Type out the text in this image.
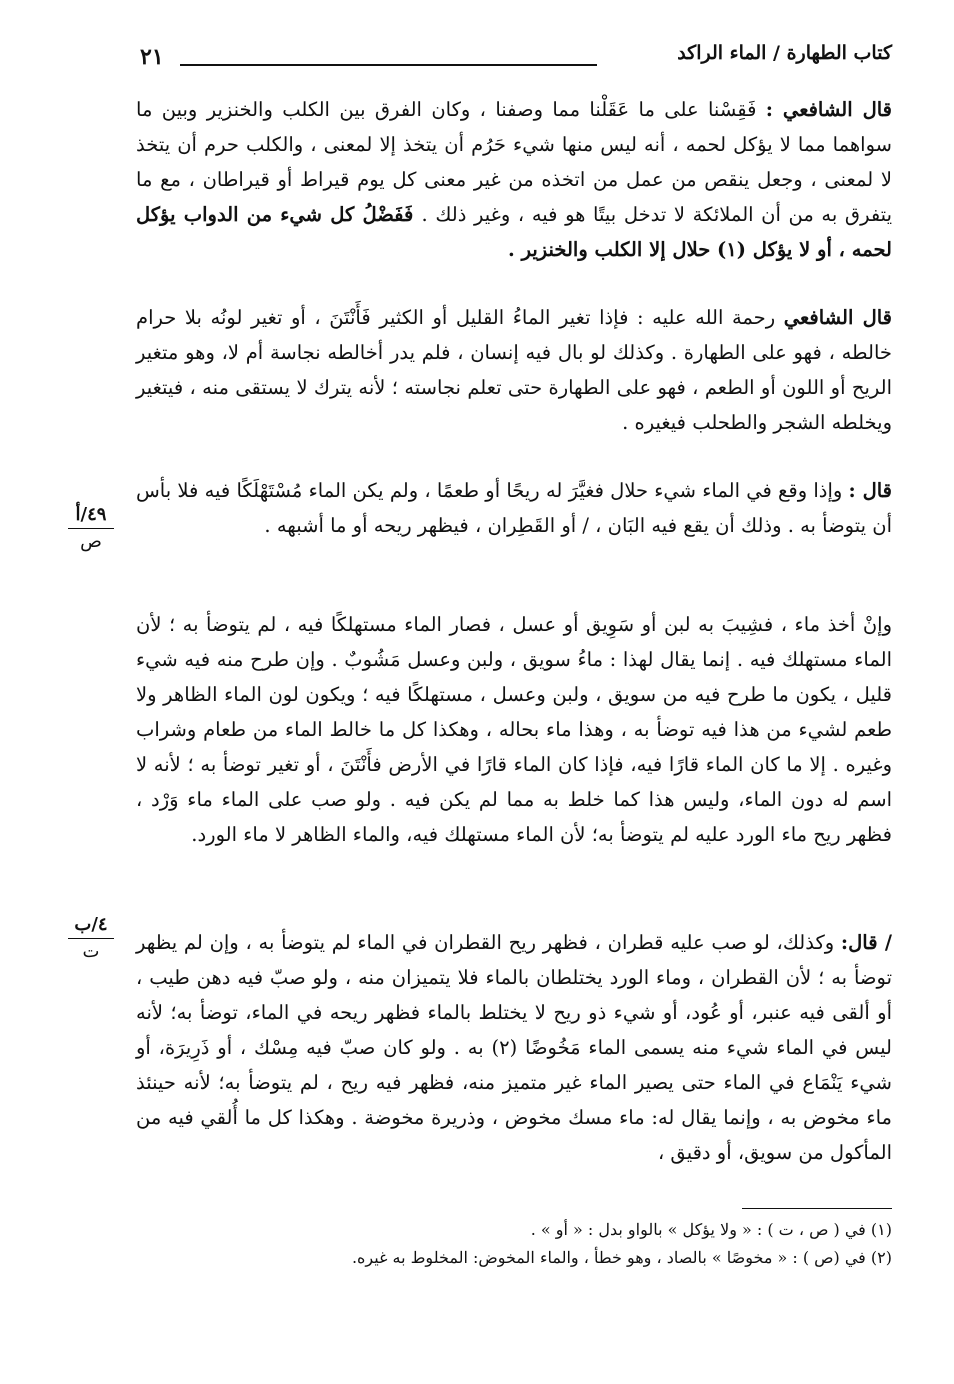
٢١	كتاب الطهارة / الماء الراكد

قال الشافعي : فَقِسْنا على ما عَقَلْنا مما وصفنا ، وكان الفرق بين الكلب والخنزير وبين ما سواهما مما لا يؤكل لحمه ، أنه ليس منها شيء حَرُم أن يتخذ إلا لمعنى ، والكلب حرم أن يتخذ لا لمعنى ، وجعل ينقص من عمل من اتخذه من غير معنى كل يوم قيراط أو قيراطان ، مع ما يتفرق به من أن الملائكة لا تدخل بيتًا هو فيه ، وغير ذلك . فَفَضْلُ كل شيء من الدواب يؤكل لحمه ، أو لا يؤكل (١) حلال إلا الكلب والخنزير .

قال الشافعي رحمة الله عليه : فإذا تغير الماءُ القليل أو الكثير فَأَنْتَنَ ، أو تغير لونُه بلا حرام خالطه ، فهو على الطهارة . وكذلك لو بال فيه إنسان ، فلم يدر أخالطه نجاسة أم لا، وهو متغير الريح أو اللون أو الطعم ، فهو على الطهارة حتى تعلم نجاسته ؛ لأنه يترك لا يستقى منه ، فيتغير ويخلطه الشجر والطحلب فيغيره .

قال : وإذا وقع في الماء شيء حلال فغيَّرَ له ريحًا أو طعمًا ، ولم يكن الماء مُسْتَهْلَكًا فيه فلا بأس أن يتوضأ به . وذلك أن يقع فيه البَان ، / أو القَطِران ، فيظهر ريحه أو ما أشبهه .

وإنْ أخذ ماء ، فشِيبَ به لبن أو سَوِيق أو عسل ، فصار الماء مستهلكًا فيه ، لم يتوضأ به ؛ لأن الماء مستهلك فيه . إنما يقال لهذا : ماءُ سويق ، ولبن وعسل مَشُوبٌ . وإن طرح منه فيه شيء قليل ، يكون ما طرح فيه من سويق ، ولبن وعسل ، مستهلكًا فيه ؛ ويكون لون الماء الظاهر ولا طعم لشيء من هذا فيه توضأ به ، وهذا ماء بحاله ، وهكذا كل ما خالط الماء من طعام وشراب وغيره . إلا ما كان الماء قارًا فيه، فإذا كان الماء قارًا في الأرض فأَنْتَنَ ، أو تغير توضأ به ؛ لأنه لا اسم له دون الماء، وليس هذا كما خلط به مما لم يكن فيه . ولو صب على الماء ماء وَرْد ، فظهر ريح ماء الورد عليه لم يتوضأ به؛ لأن الماء مستهلك فيه، والماء الظاهر لا ماء الورد.

/ قال: وكذلك، لو صب عليه قطران ، فظهر ريح القطران في الماء لم يتوضأ به ، وإن لم يظهر توضأ به ؛ لأن القطران ، وماء الورد يختلطان بالماء فلا يتميزان منه ، ولو صبّ فيه دهن طيب ، أو ألقى فيه عنبر، أو عُود، أو شيء ذو ريح لا يختلط بالماء فظهر ريحه في الماء، توضأ به؛ لأنه ليس في الماء شيء منه يسمى الماء مَخُوضًا (٢) به . ولو كان صبّ فيه مِسْك ، أو ذَرِيرَة، أو شيء يَنْمَاع في الماء حتى يصير الماء غير متميز منه، فظهر فيه ريح ، لم يتوضأ به؛ لأنه حينئذ ماء مخوض به ، وإنما يقال له: ماء مسك مخوض ، وذريرة مخوضة . وهكذا كل ما أُلقي فيه من المأكول من سويق، أو دقيق ،

٤٩/أ
ص
٤/ب
ت

(١) في ( ص ، ت ) : « ولا يؤكل » بالواو بدل : « أو » .

(٢) في (ص ) : « مخوصًا » بالصاد ، وهو خطأ ، والماء المخوض: المخلوط به غيره.
